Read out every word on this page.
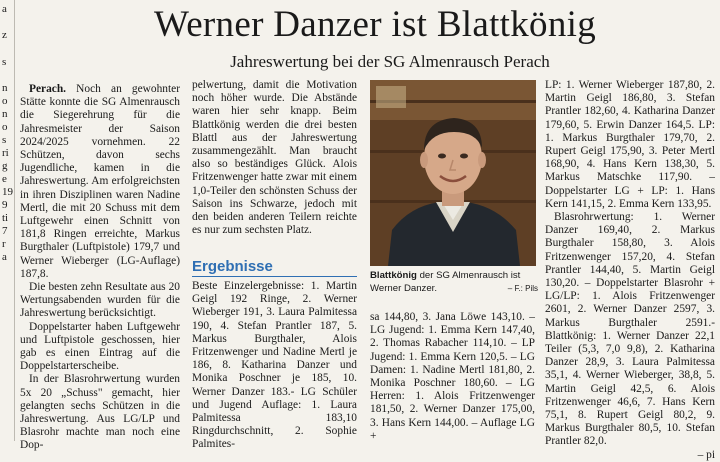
a
z
s
n
o
n
o
s
ri
g
e
19
9
ti
7
r
a
Werner Danzer ist Blattkönig
Jahreswertung bei der SG Almenrausch Perach

Perach. Noch an gewohnter Stätte konnte die SG Almenrausch die Siegerehrung für die Jahresmeister der Saison 2024/2025 vornehmen. 22 Schützen, davon sechs Jugendliche, kamen in die Jahreswertung. Am erfolgreichsten in ihren Disziplinen waren Nadine Mertl, die mit 20 Schuss mit dem Luftgewehr einen Schnitt von 181,8 Ringen erreichte, Markus Burgthaler (Luftpistole) 179,7 und Werner Wieberger (LG-Auflage) 187,8.

Die besten zehn Resultate aus 20 Wertungsabenden wurden für die Jahreswertung berücksichtigt.

Doppelstarter haben Luftgewehr und Luftpistole geschossen, hier gab es einen Eintrag auf die Doppelstarterscheibe.

In der Blasrohrwertung wurden 5x 20 „Schuss" gemacht, hier gelangten sechs Schützen in die Jahreswertung. Aus LG/LP und Blasrohr machte man noch eine Dop-

pelwertung, damit die Motivation noch höher wurde. Die Abstände waren hier sehr knapp. Beim Blattkönig werden die drei besten Blattl aus der Jahreswertung zusammengezählt. Man braucht also so beständiges Glück. Alois Fritzenwenger hatte zwar mit einem 1,0-Teiler den schönsten Schuss der Saison ins Schwarze, jedoch mit den beiden anderen Teilern reichte es nur zum sechsten Platz.

Ergebnisse

Beste Einzelergebnisse: 1. Martin Geigl 192 Ringe, 2. Werner Wieberger 191, 3. Laura Palmitessa 190, 4. Stefan Prantler 187, 5. Markus Burgthaler, Alois Fritzenwenger und Nadine Mertl je 186, 8. Katharina Danzer und Monika Poschner je 185, 10. Werner Danzer 183.- LG Schüler und Jugend Auflage: 1. Laura Palmitessa 183,10 Ringdurchschnitt, 2. Sophie Palmites-

Blattkönig der SG Almenrausch ist Werner Danzer.	– F.: Pils

sa 144,80, 3. Jana Löwe 143,10. – LG Jugend: 1. Emma Kern 147,40, 2. Thomas Rabacher 114,10. – LP Jugend: 1. Emma Kern 120,5. – LG Damen: 1. Nadine Mertl 181,80, 2. Monika Poschner 180,60. – LG Herren: 1. Alois Fritzenwenger 181,50, 2. Werner Danzer 175,00, 3. Hans Kern 144,00. – Auflage LG +

LP: 1. Werner Wieberger 187,80, 2. Martin Geigl 186,80, 3. Stefan Prantler 182,60, 4. Katharina Danzer 179,60, 5. Erwin Danzer 164,5. LP: 1. Markus Burgthaler 179,70, 2. Rupert Geigl 175,90, 3. Peter Mertl 168,90, 4. Hans Kern 138,30, 5. Markus Matschke 117,90. – Doppelstarter LG + LP: 1. Hans Kern 141,15, 2. Emma Kern 133,95.

Blasrohrwertung: 1. Werner Danzer 169,40, 2. Markus Burgthaler 158,80, 3. Alois Fritzenwenger 157,20, 4. Stefan Prantler 144,40, 5. Martin Geigl 130,20. – Doppelstarter Blasrohr + LG/LP: 1. Alois Fritzenwenger 2601, 2. Werner Danzer 2597, 3. Markus Burgthaler 2591.- Blattkönig: 1. Werner Danzer 22,1 Teiler (5,3, 7,0 9,8), 2. Katharina Danzer 28,9, 3. Laura Palmitessa 35,1, 4. Werner Wieberger, 38,8, 5. Martin Geigl 42,5, 6. Alois Fritzenwenger 46,6, 7. Hans Kern 75,1, 8. Rupert Geigl 80,2, 9. Markus Burgthaler 80,5, 10. Stefan Prantler 82,0.

– pi
